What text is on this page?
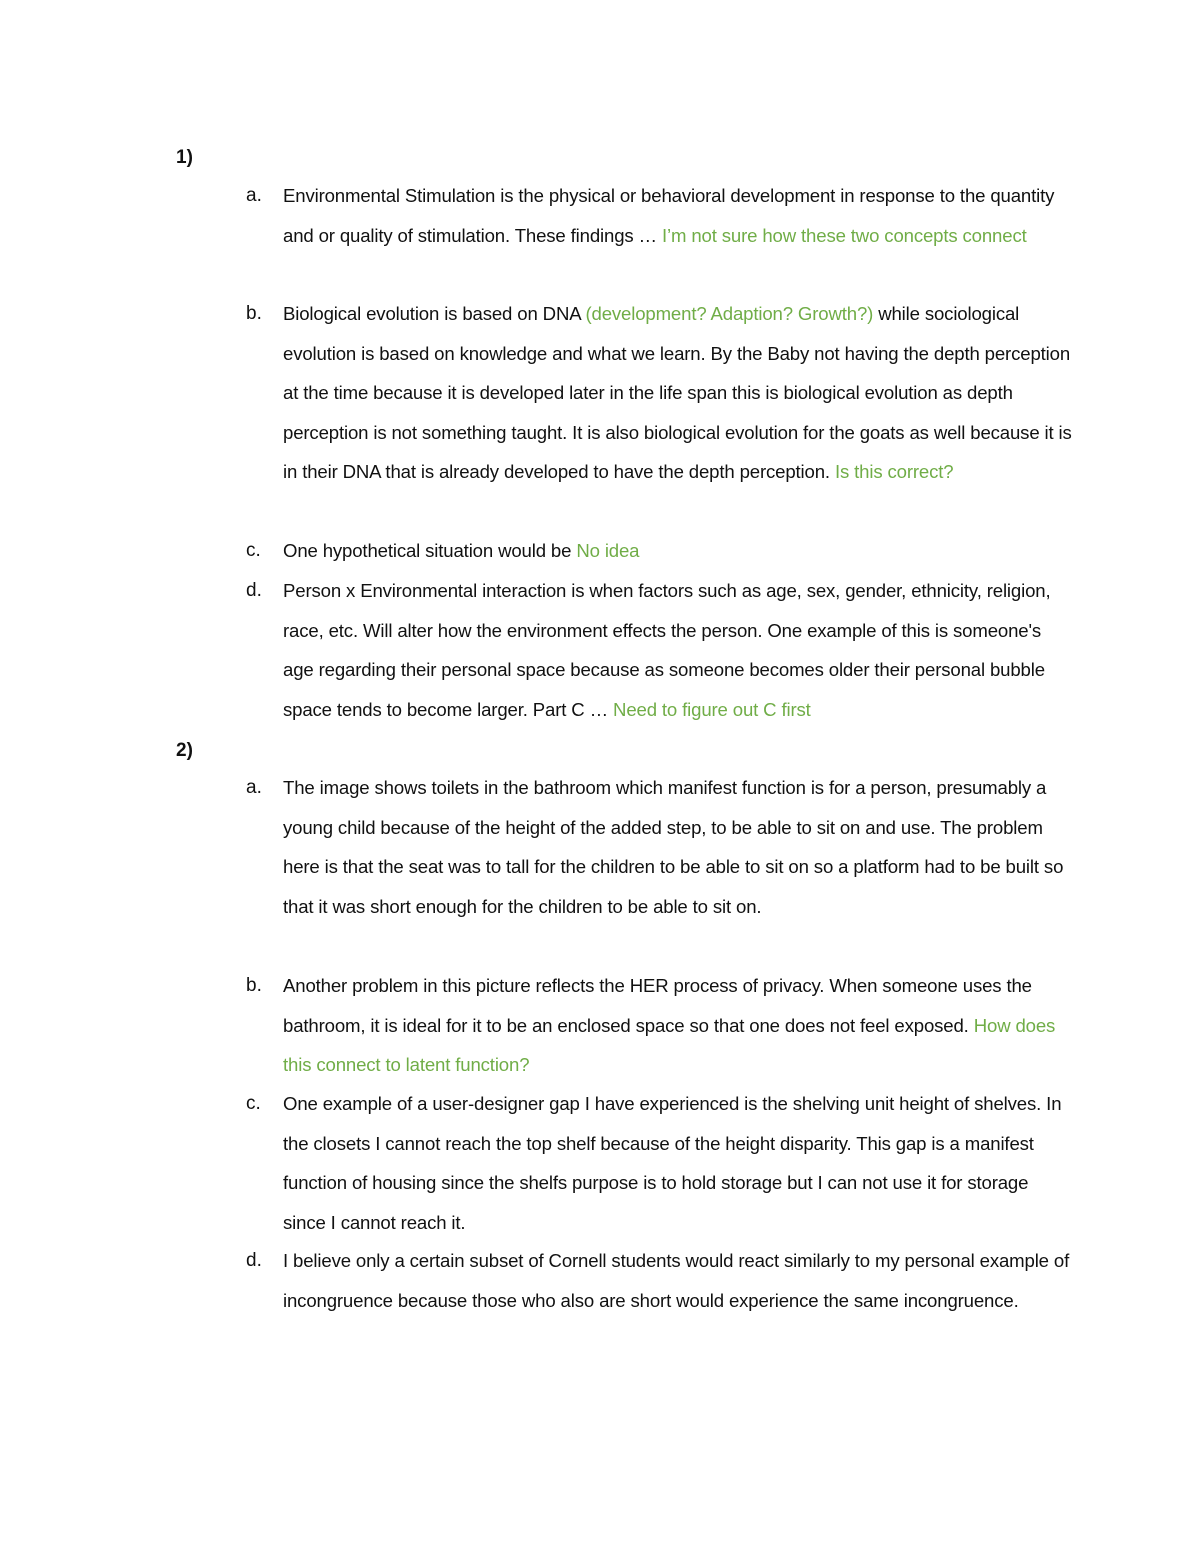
1)
a. Environmental Stimulation is the physical or behavioral development in response to the quantity and or quality of stimulation. These findings … I’m not sure how these two concepts connect
b. Biological evolution is based on DNA (development? Adaption? Growth?) while sociological evolution is based on knowledge and what we learn. By the Baby not having the depth perception at the time because it is developed later in the life span this is biological evolution as depth perception is not something taught. It is also biological evolution for the goats as well because it is in their DNA that is already developed to have the depth perception. Is this correct?
c. One hypothetical situation would be No idea
d. Person x Environmental interaction is when factors such as age, sex, gender, ethnicity, religion, race, etc. Will alter how the environment effects the person. One example of this is someone's age regarding their personal space because as someone becomes older their personal bubble space tends to become larger. Part C … Need to figure out C first
2)
a. The image shows toilets in the bathroom which manifest function is for a person, presumably a young child because of the height of the added step, to be able to sit on and use. The problem here is that the seat was to tall for the children to be able to sit on so a platform had to be built so that it was short enough for the children to be able to sit on.
b. Another problem in this picture reflects the HER process of privacy. When someone uses the bathroom, it is ideal for it to be an enclosed space so that one does not feel exposed. How does this connect to latent function?
c. One example of a user-designer gap I have experienced is the shelving unit height of shelves. In the closets I cannot reach the top shelf because of the height disparity. This gap is a manifest function of housing since the shelfs purpose is to hold storage but I can not use it for storage since I cannot reach it.
d. I believe only a certain subset of Cornell students would react similarly to my personal example of incongruence because those who also are short would experience the same incongruence.
